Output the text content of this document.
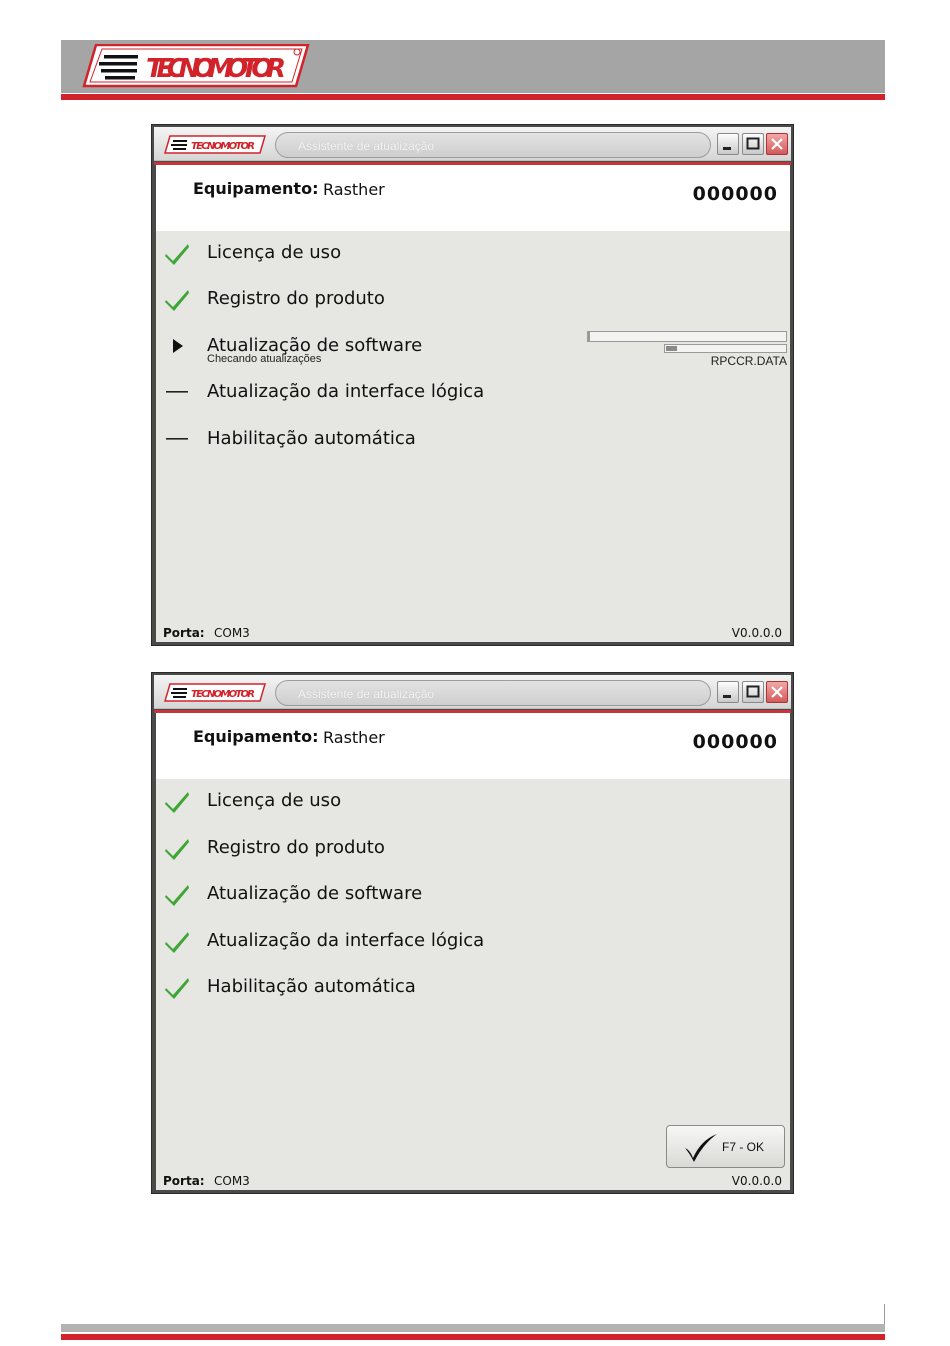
TECNOMOTOR
TECNOMOTOR	Assistente de atualização
Equipamento: Rasther	000000
Licença de uso
Registro do produto
Atualização de software
Checando atualizações
Atualização da interface lógica
Habilitação automática
RPCCR.DATA
Porta: COM3	V0.0.0.0
TECNOMOTOR	Assistente de atualização
Equipamento: Rasther	000000
Licença de uso
Registro do produto
Atualização de software
Atualização da interface lógica
Habilitação automática
F7 - OK
Porta: COM3	V0.0.0.0
